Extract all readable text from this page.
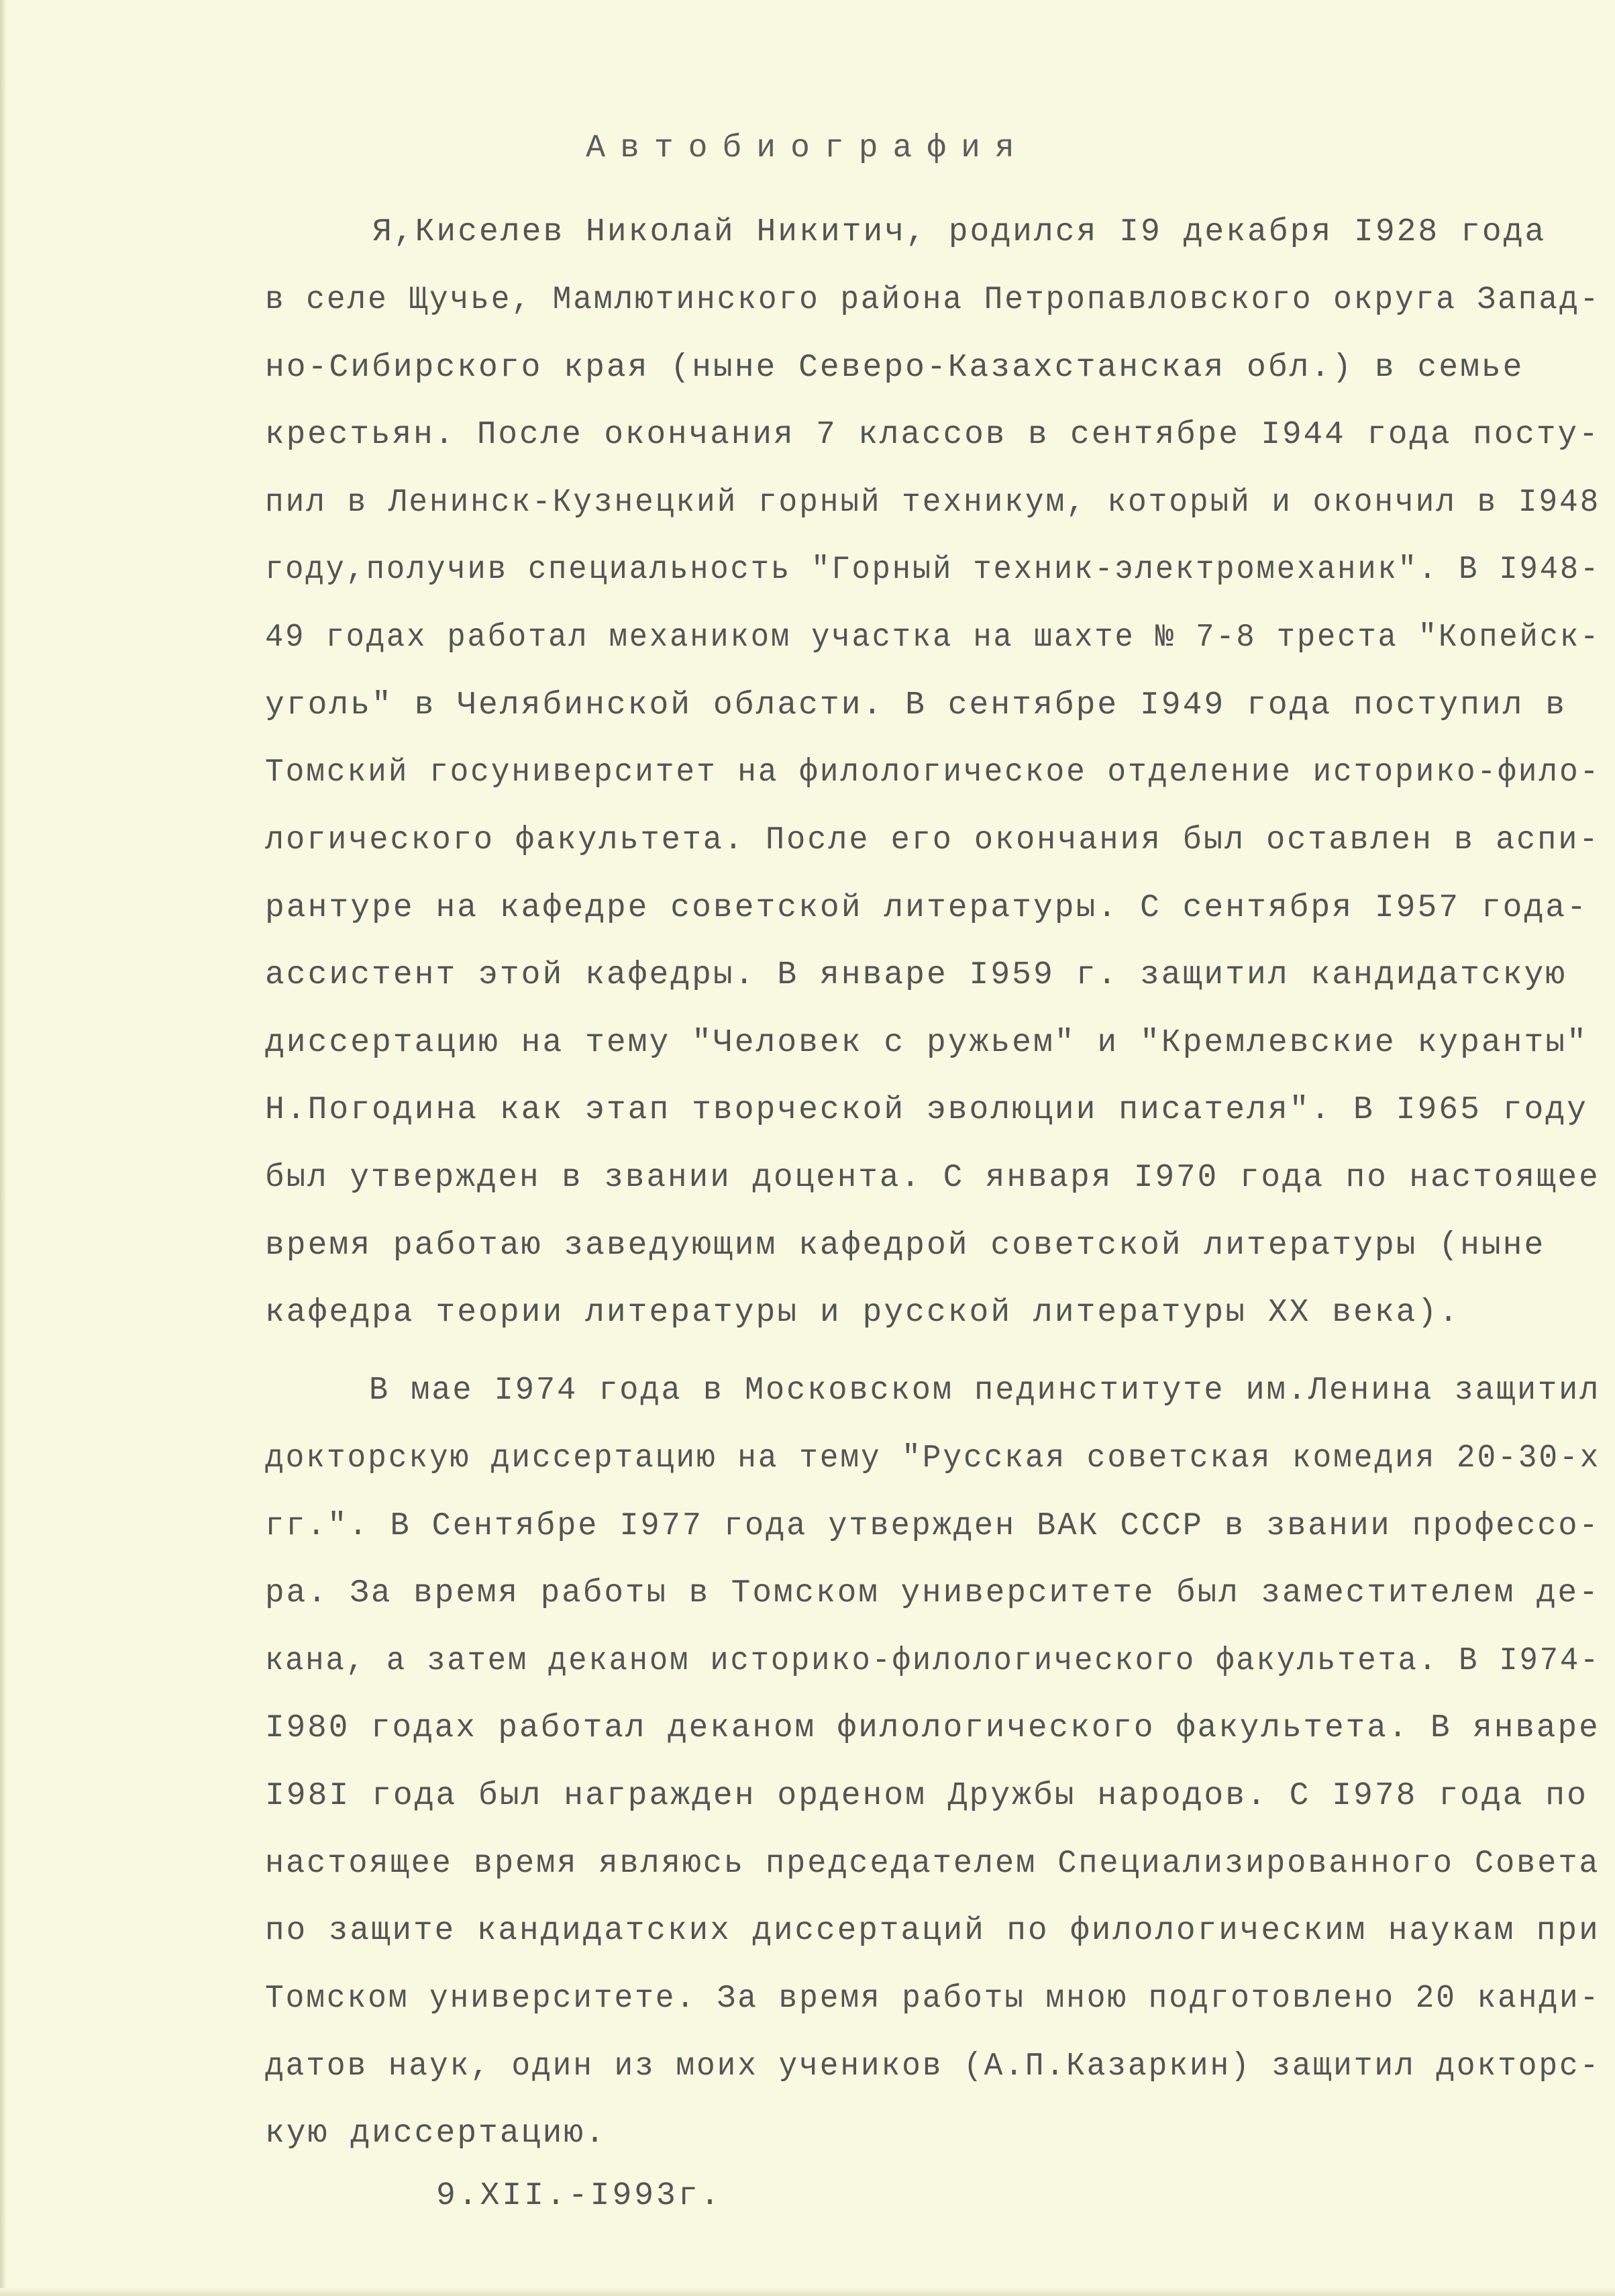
Автобиография
Я,Киселев Николай Никитич, родился I9 декабря I928 года
в селе Щучье, Мамлютинского района Петропавловского округа Запад-
но-Сибирского края (ныне Северо-Казахстанская обл.) в семье
крестьян. После окончания 7 классов в сентябре I944 года посту-
пил в Ленинск-Кузнецкий горный техникум, который и окончил в I948
году,получив специальность "Горный техник-электромеханик". В I948-
49 годах работал механиком участка на шахте № 7-8 треста "Копейск-
уголь" в Челябинской области. В сентябре I949 года поступил в
Томский госуниверситет на филологическое отделение историко-фило-
логического факультета. После его окончания был оставлен в аспи-
рантуре на кафедре советской литературы. С сентября I957 года-
ассистент этой кафедры. В январе I959 г. защитил кандидатскую
диссертацию на тему "Человек с ружьем" и "Кремлевские куранты"
Н.Погодина как этап творческой эволюции писателя". В I965 году
был утвержден в звании доцента. С января I970 года по настоящее
время работаю заведующим кафедрой советской литературы (ныне
кафедра теории литературы и русской литературы XX века).
В мае I974 года в Московском пединституте им.Ленина защитил
докторскую диссертацию на тему "Русская советская комедия 20-30-х
гг.". В Сентябре I977 года утвержден ВАК СССР в звании профессо-
ра. За время работы в Томском университете был заместителем де-
кана, а затем деканом историко-филологического факультета. В I974-
I980 годах работал деканом филологического факультета. В январе
I98I года был награжден орденом Дружбы народов. С I978 года по
настоящее время являюсь председателем Специализированного Совета
по защите кандидатских диссертаций по филологическим наукам при
Томском университете. За время работы мною подготовлено 20 канди-
датов наук, один из моих учеников (А.П.Казаркин) защитил докторс-
кую диссертацию.
9.XII.-I993г.
